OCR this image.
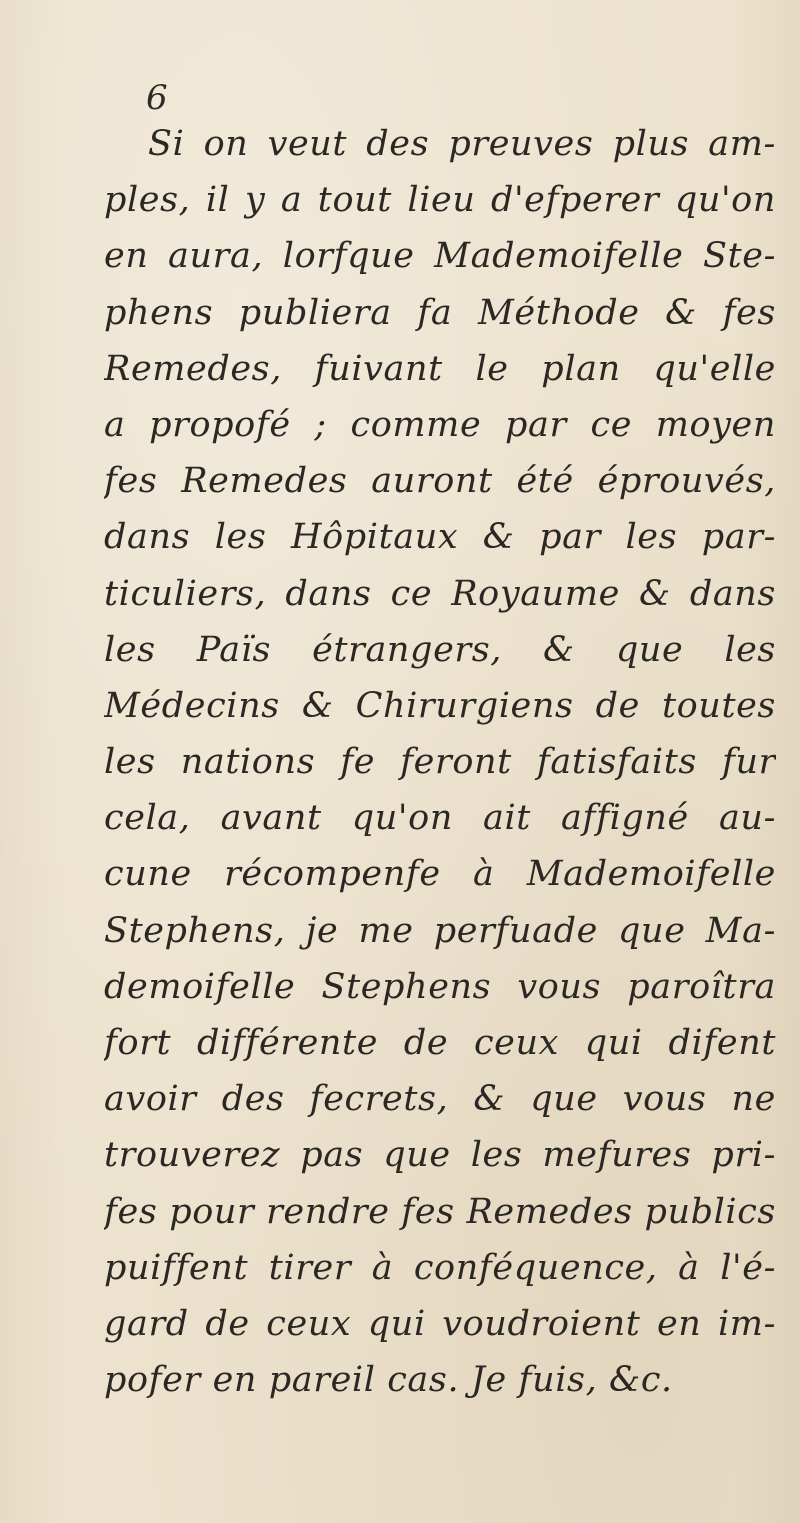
6
Si on veut des preuves plus am-
ples, il y a tout lieu d'efperer qu'on
en aura, lorfque Mademoifelle Ste-
phens publiera fa Méthode & fes
Remedes, fuivant le plan qu'elle
a propofé ; comme par ce moyen
fes Remedes auront été éprouvés,
dans les Hôpitaux & par les par-
ticuliers, dans ce Royaume & dans
les Païs étrangers, & que les
Médecins & Chirurgiens de toutes
les nations fe feront fatisfaits fur
cela, avant qu'on ait affigné au-
cune récompenfe à Mademoifelle
Stephens, je me perfuade que Ma-
demoifelle Stephens vous paroîtra
fort différente de ceux qui difent
avoir des fecrets, & que vous ne
trouverez pas que les mefures pri-
fes pour rendre fes Remedes publics
puiffent tirer à conféquence, à l'é-
gard de ceux qui voudroient en im-
pofer en pareil cas. Je fuis, &c.
